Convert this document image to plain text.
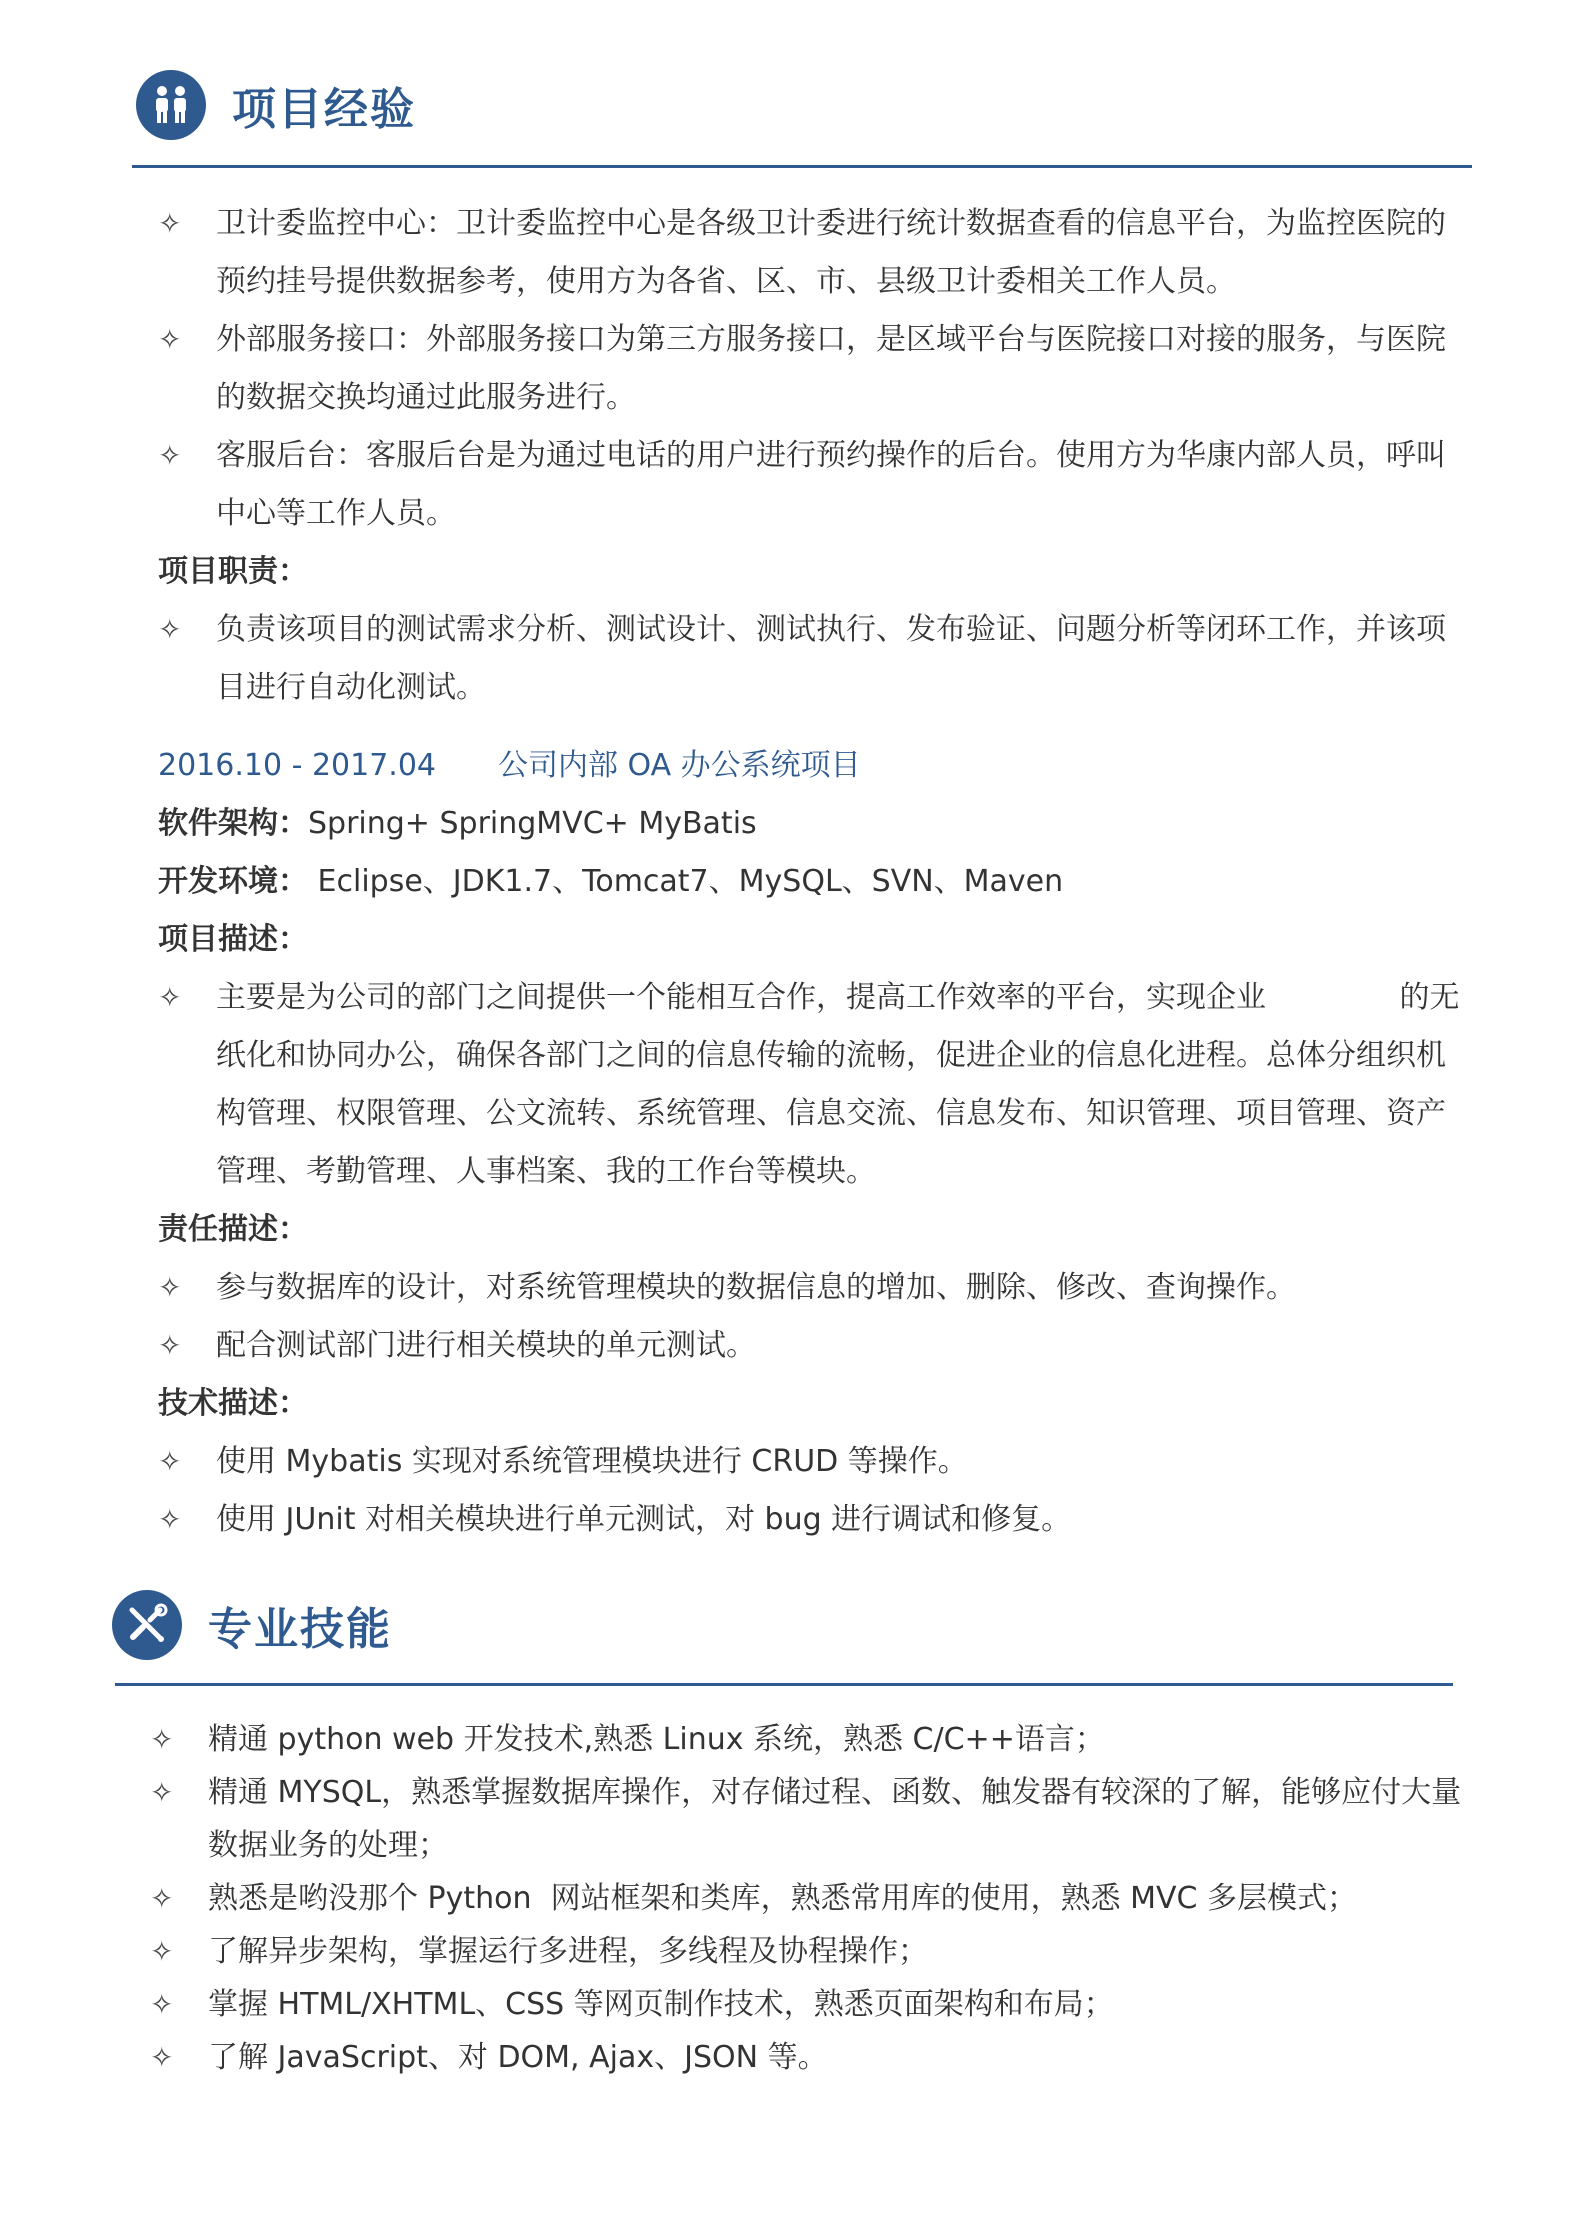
项目经验
✧ 卫计委监控中心：卫计委监控中心是各级卫计委进行统计数据查看的信息平台，为监控医院的
预约挂号提供数据参考，使用方为各省、区、市、县级卫计委相关工作人员。
✧ 外部服务接口：外部服务接口为第三方服务接口，是区域平台与医院接口对接的服务，与医院
的数据交换均通过此服务进行。
✧ 客服后台：客服后台是为通过电话的用户进行预约操作的后台。使用方为华康内部人员，呼叫
中心等工作人员。
项目职责：
✧ 负责该项目的测试需求分析、测试设计、测试执行、发布验证、问题分析等闭环工作，并该项
目进行自动化测试。
2016.10 - 2017.04 公司内部 OA 办公系统项目
软件架构：Spring+ SpringMVC+ MyBatis
开发环境： Eclipse、JDK1.7、Tomcat7、MySQL、SVN、Maven
项目描述：
✧ 主要是为公司的部门之间提供一个能相互合作，提高工作效率的平台，实现企业              的无
纸化和协同办公，确保各部门之间的信息传输的流畅，促进企业的信息化进程。总体分组织机
构管理、权限管理、公文流转、系统管理、信息交流、信息发布、知识管理、项目管理、资产
管理、考勤管理、人事档案、我的工作台等模块。
责任描述：
✧ 参与数据库的设计，对系统管理模块的数据信息的增加、删除、修改、查询操作。
✧ 配合测试部门进行相关模块的单元测试。
技术描述：
✧ 使用 Mybatis 实现对系统管理模块进行 CRUD 等操作。
✧ 使用 JUnit 对相关模块进行单元测试，对 bug 进行调试和修复。
专业技能
✧ 精通 python web 开发技术,熟悉 Linux 系统，熟悉 C/C++语言；
✧ 精通 MYSQL，熟悉掌握数据库操作，对存储过程、函数、触发器有较深的了解，能够应付大量
数据业务的处理；
✧ 熟悉是哟没那个 Python  网站框架和类库，熟悉常用库的使用，熟悉 MVC 多层模式；
✧ 了解异步架构，掌握运行多进程，多线程及协程操作；
✧ 掌握 HTML/XHTML、CSS 等网页制作技术，熟悉页面架构和布局；
✧ 了解 JavaScript、对 DOM, Ajax、JSON 等。
